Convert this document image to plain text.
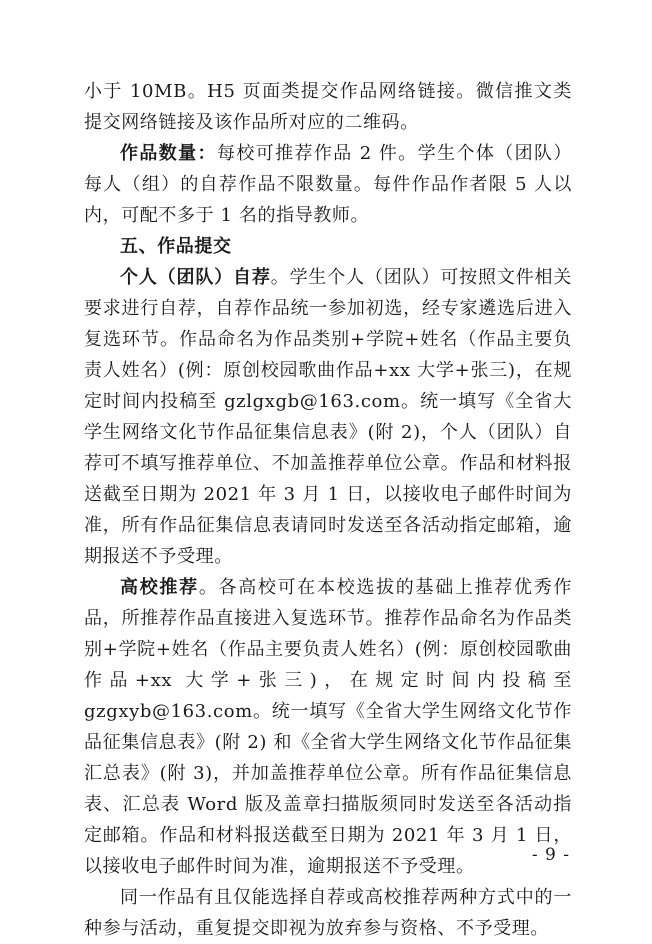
小于 10MB。H5 页面类提交作品网络链接。微信推文类提交网络链接及该作品所对应的二维码。

作品数量：每校可推荐作品 2 件。学生个体（团队）每人（组）的自荐作品不限数量。每件作品作者限 5 人以内，可配不多于 1 名的指导教师。

五、作品提交

个人（团队）自荐。学生个人（团队）可按照文件相关要求进行自荐，自荐作品统一参加初选，经专家遴选后进入复选环节。作品命名为作品类别+学院+姓名（作品主要负责人姓名）(例：原创校园歌曲作品+xx 大学+张三)，在规定时间内投稿至 gzlgxgb@163.com。统一填写《全省大学生网络文化节作品征集信息表》(附 2)，个人（团队）自荐可不填写推荐单位、不加盖推荐单位公章。作品和材料报送截至日期为 2021 年 3 月 1 日，以接收电子邮件时间为准，所有作品征集信息表请同时发送至各活动指定邮箱，逾期报送不予受理。

高校推荐。各高校可在本校选拔的基础上推荐优秀作品，所推荐作品直接进入复选环节。推荐作品命名为作品类别+学院+姓名（作品主要负责人姓名）(例：原创校园歌曲作品+xx 大学+张三)，在规定时间内投稿至 gzgxyb@163.com。统一填写《全省大学生网络文化节作品征集信息表》(附 2) 和《全省大学生网络文化节作品征集汇总表》(附 3)，并加盖推荐单位公章。所有作品征集信息表、汇总表 Word 版及盖章扫描版须同时发送至各活动指定邮箱。作品和材料报送截至日期为 2021 年 3 月 1 日，以接收电子邮件时间为准，逾期报送不予受理。

同一作品有且仅能选择自荐或高校推荐两种方式中的一种参与活动，重复提交即视为放弃参与资格、不予受理。

- 9 -
